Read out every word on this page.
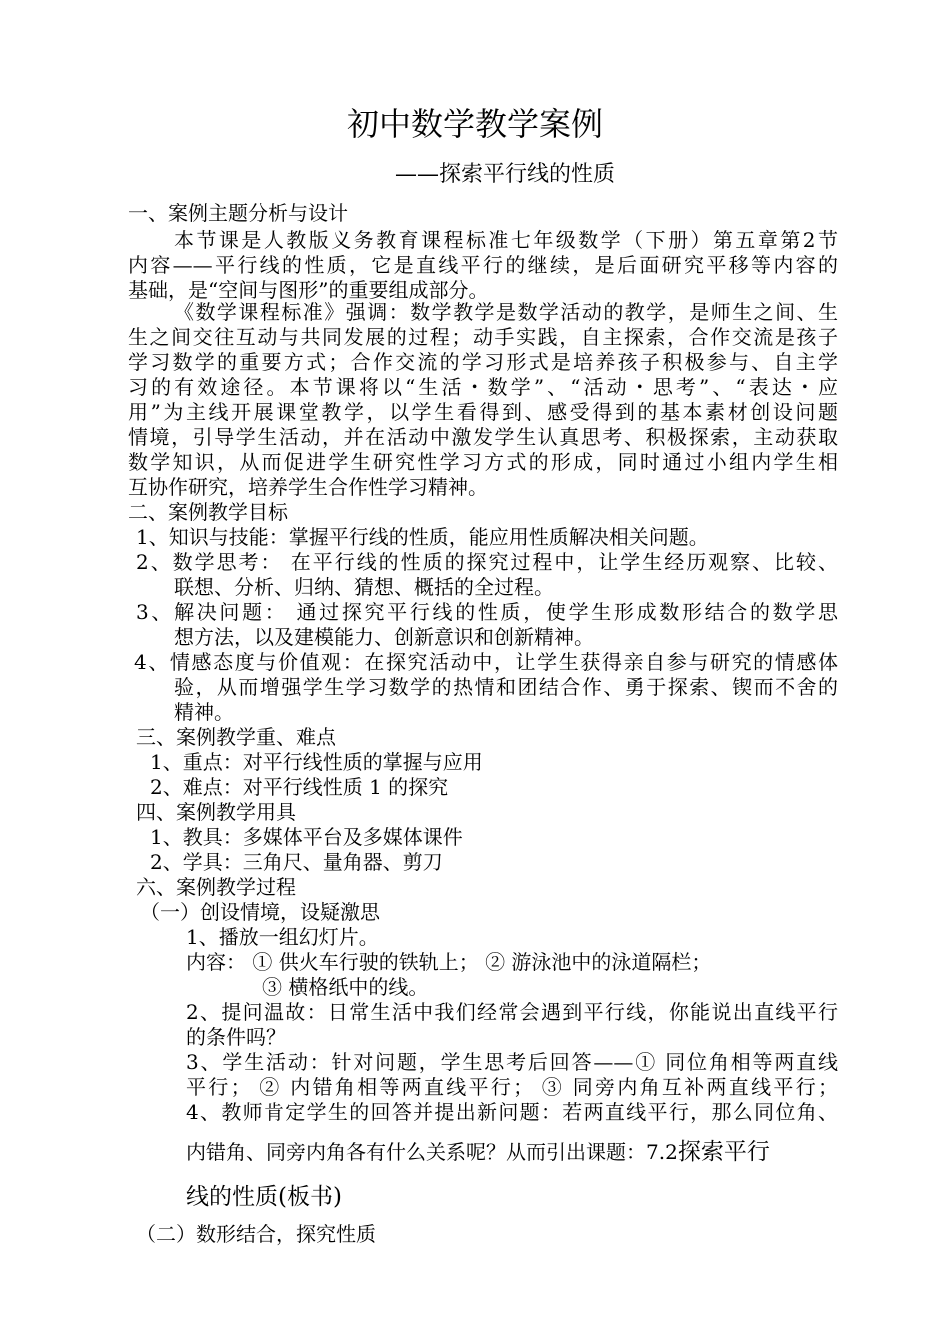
初中数学教学案例
——探索平行线的性质
一、案例主题分析与设计
本节课是人教版义务教育课程标准七年级数学（下册）第五章第2节
内容——平行线的性质，它是直线平行的继续，是后面研究平移等内容的
基础，是“空间与图形”的重要组成部分。
《数学课程标准》强调：数学教学是数学活动的教学，是师生之间、生
生之间交往互动与共同发展的过程；动手实践，自主探索，合作交流是孩子
学习数学的重要方式；合作交流的学习形式是培养孩子积极参与、自主学
习的有效途径。本节课将以“生活・数学”、“活动・思考”、“表达・应
用”为主线开展课堂教学，以学生看得到、感受得到的基本素材创设问题
情境，引导学生活动，并在活动中激发学生认真思考、积极探索，主动获取
数学知识，从而促进学生研究性学习方式的形成，同时通过小组内学生相
互协作研究，培养学生合作性学习精神。
二、案例教学目标
1、知识与技能：掌握平行线的性质，能应用性质解决相关问题。
2、数学思考： 在平行线的性质的探究过程中，让学生经历观察、比较、
联想、分析、归纳、猜想、概括的全过程。
3、解决问题： 通过探究平行线的性质，使学生形成数形结合的数学思
想方法，以及建模能力、创新意识和创新精神。
4、情感态度与价值观：在探究活动中，让学生获得亲自参与研究的情感体
验，从而增强学生学习数学的热情和团结合作、勇于探索、锲而不舍的
精神。
三、案例教学重、难点
1、重点：对平行线性质的掌握与应用
2、难点：对平行线性质 1 的探究
四、案例教学用具
1、教具：多媒体平台及多媒体课件
2、学具：三角尺、量角器、剪刀
六、案例教学过程
（一）创设情境，设疑激思
1、播放一组幻灯片。
内容： ① 供火车行驶的铁轨上； ② 游泳池中的泳道隔栏；
③ 横格纸中的线。
2、提问温故：日常生活中我们经常会遇到平行线，你能说出直线平行
的条件吗？
3、学生活动：针对问题，学生思考后回答——① 同位角相等两直线
平行； ② 内错角相等两直线平行； ③ 同旁内角互补两直线平行；
4、教师肯定学生的回答并提出新问题：若两直线平行，那么同位角、
内错角、同旁内角各有什么关系呢？从而引出课题：7.2探索平行
线的性质(板书)
（二）数形结合，探究性质
